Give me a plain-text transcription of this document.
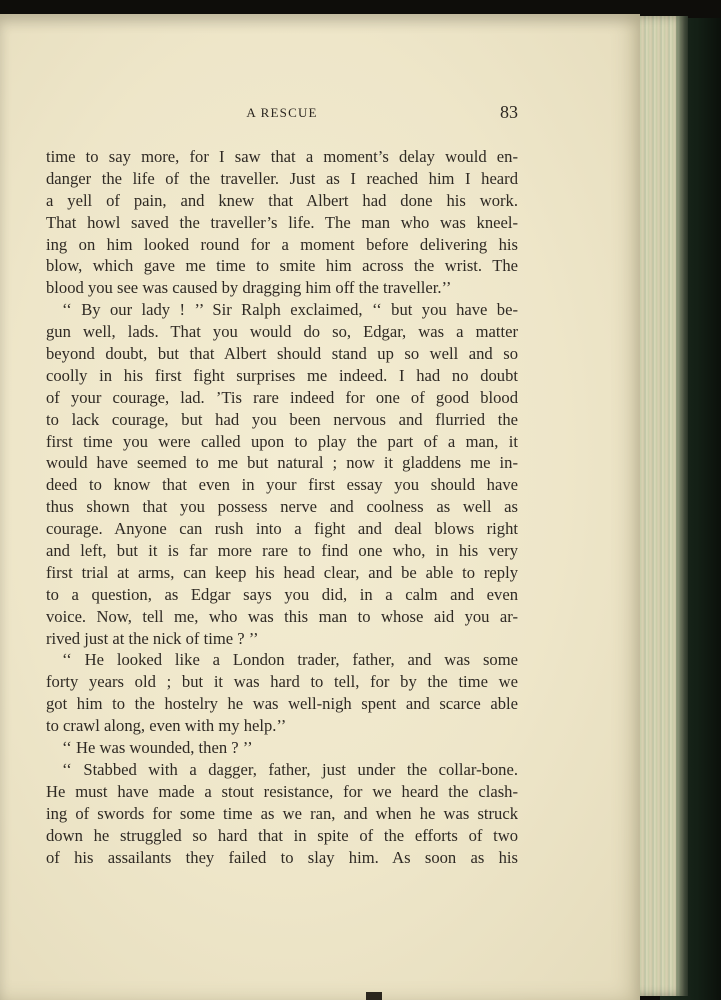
A RESCUE	83
time to say more, for I saw that a moment’s delay would en-
danger the life of the traveller. Just as I reached him I heard
a yell of pain, and knew that Albert had done his work.
That howl saved the traveller’s life. The man who was kneel-
ing on him looked round for a moment before delivering his
blow, which gave me time to smite him across the wrist. The
blood you see was caused by dragging him off the traveller.’’
‘‘ By our lady ! ’’ Sir Ralph exclaimed, ‘‘ but you have be-
gun well, lads. That you would do so, Edgar, was a matter
beyond doubt, but that Albert should stand up so well and so
coolly in his first fight surprises me indeed. I had no doubt
of your courage, lad. ’Tis rare indeed for one of good blood
to lack courage, but had you been nervous and flurried the
first time you were called upon to play the part of a man, it
would have seemed to me but natural ; now it gladdens me in-
deed to know that even in your first essay you should have
thus shown that you possess nerve and coolness as well as
courage. Anyone can rush into a fight and deal blows right
and left, but it is far more rare to find one who, in his very
first trial at arms, can keep his head clear, and be able to reply
to a question, as Edgar says you did, in a calm and even
voice. Now, tell me, who was this man to whose aid you ar-
rived just at the nick of time ? ’’
‘‘ He looked like a London trader, father, and was some
forty years old ; but it was hard to tell, for by the time we
got him to the hostelry he was well-nigh spent and scarce able
to crawl along, even with my help.’’
‘‘ He was wounded, then ? ’’
‘‘ Stabbed with a dagger, father, just under the collar-bone.
He must have made a stout resistance, for we heard the clash-
ing of swords for some time as we ran, and when he was struck
down he struggled so hard that in spite of the efforts of two
of his assailants they failed to slay him. As soon as his
